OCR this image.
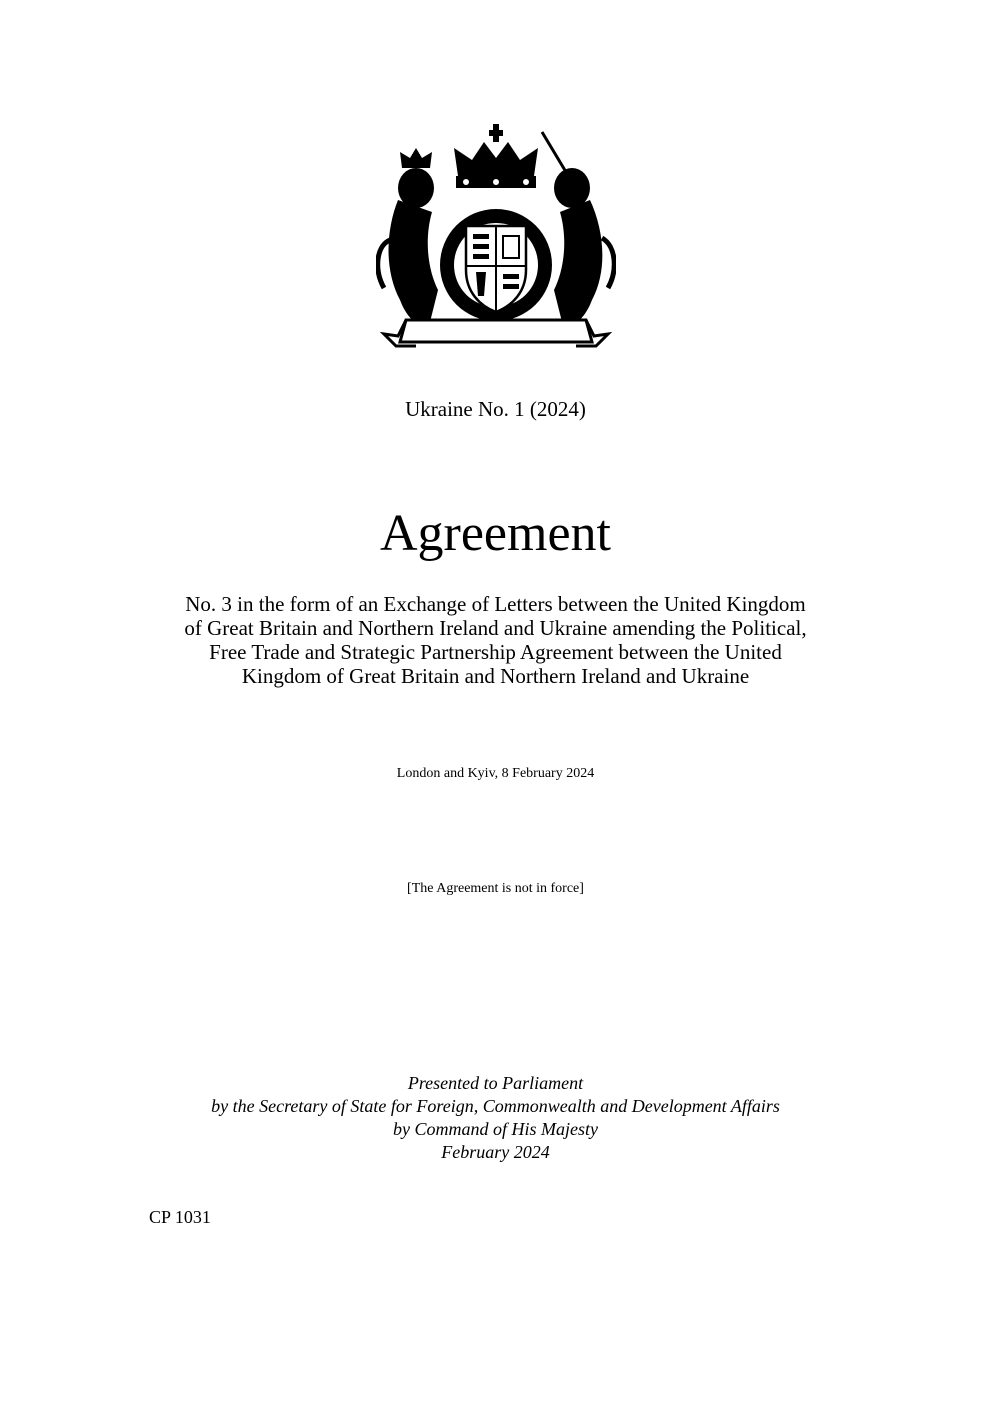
Ukraine No. 1 (2024)
Agreement
No. 3 in the form of an Exchange of Letters between the United Kingdom
of Great Britain and Northern Ireland and Ukraine amending the Political,
Free Trade and Strategic Partnership Agreement between the United
Kingdom of Great Britain and Northern Ireland and Ukraine
London and Kyiv, 8 February 2024
[The Agreement is not in force]
Presented to Parliament
by the Secretary of State for Foreign, Commonwealth and Development Affairs
by Command of His Majesty
February 2024
CP 1031
